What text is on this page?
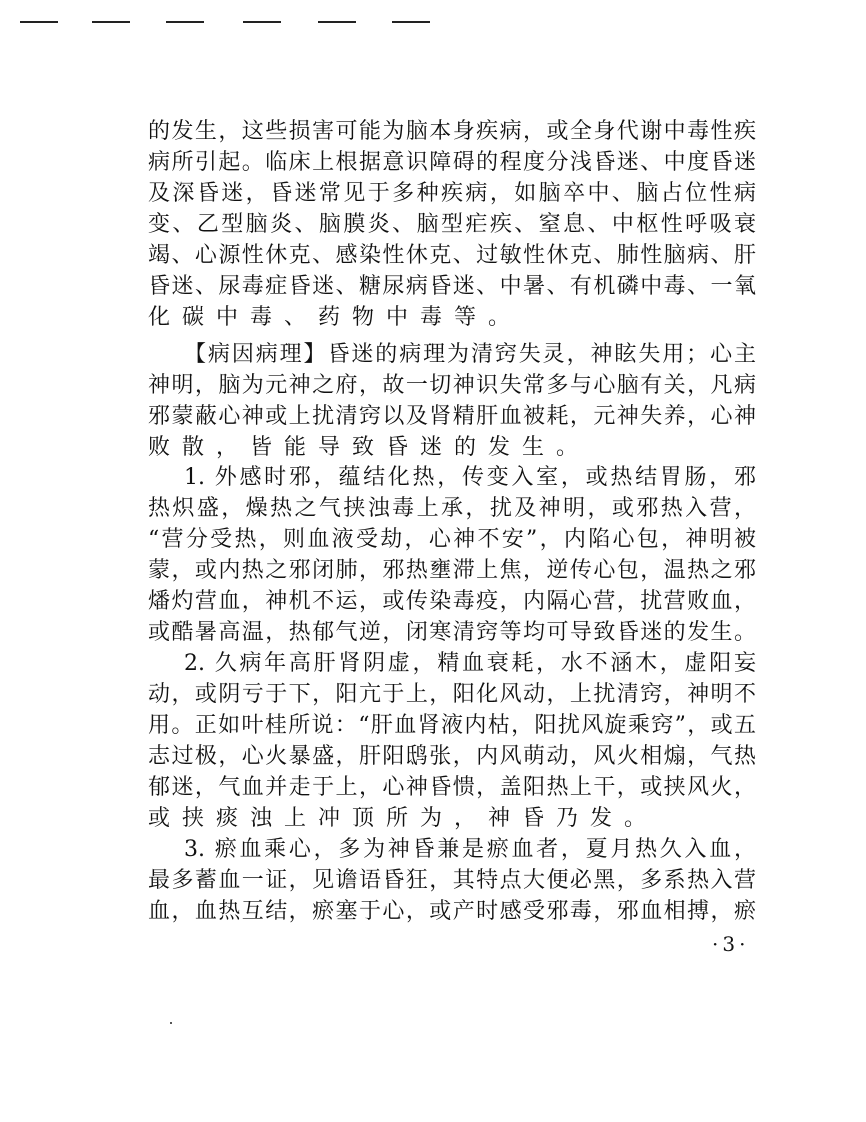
的发生，这些损害可能为脑本身疾病，或全身代谢中毒性疾
病所引起。临床上根据意识障碍的程度分浅昏迷、中度昏迷
及深昏迷，昏迷常见于多种疾病，如脑卒中、脑占位性病
变、乙型脑炎、脑膜炎、脑型疟疾、窒息、中枢性呼吸衰
竭、心源性休克、感染性休克、过敏性休克、肺性脑病、肝
昏迷、尿毒症昏迷、糖尿病昏迷、中暑、有机磷中毒、一氧
化碳中毒、药物中毒等。
【病因病理】昏迷的病理为清窍失灵，神眩失用；心主
神明，脑为元神之府，故一切神识失常多与心脑有关，凡病
邪蒙蔽心神或上扰清窍以及肾精肝血被耗，元神失养，心神
败散，皆能导致昏迷的发生。
1. 外感时邪，蕴结化热，传变入室，或热结胃肠，邪
热炽盛，燥热之气挟浊毒上承，扰及神明，或邪热入营，
“营分受热，则血液受劫，心神不安”，内陷心包，神明被
蒙，或内热之邪闭肺，邪热壅滞上焦，逆传心包，温热之邪
燔灼营血，神机不运，或传染毒疫，内隔心营，扰营败血，
或酷暑高温，热郁气逆，闭寒清窍等均可导致昏迷的发生。
2. 久病年高肝肾阴虚，精血衰耗，水不涵木，虚阳妄
动，或阴亏于下，阳亢于上，阳化风动，上扰清窍，神明不
用。正如叶桂所说：“肝血肾液内枯，阳扰风旋乘窍”，或五
志过极，心火暴盛，肝阳鸱张，内风萌动，风火相煽，气热
郁迷，气血并走于上，心神昏愦，盖阳热上干，或挟风火，
或挟痰浊上冲顶所为，神昏乃发。
3. 瘀血乘心，多为神昏兼是瘀血者，夏月热久入血，
最多蓄血一证，见谵语昏狂，其特点大便必黑，多系热入营
血，血热互结，瘀塞于心，或产时感受邪毒，邪血相搏，瘀
·3·
